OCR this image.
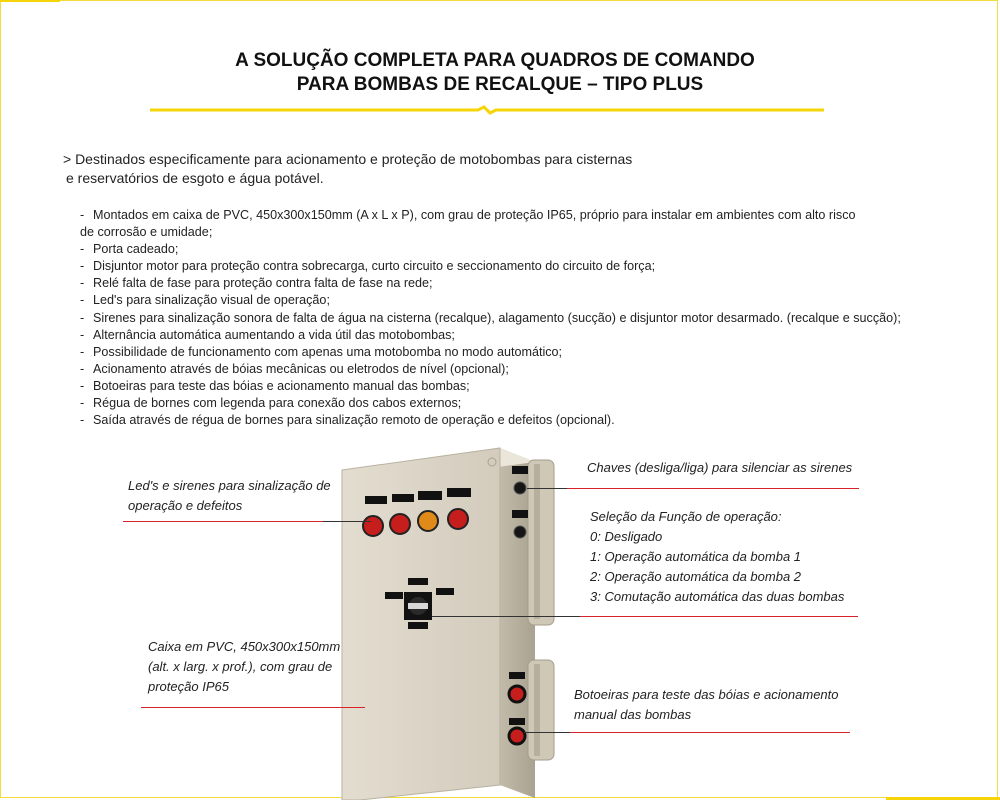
A SOLUÇÃO COMPLETA PARA QUADROS DE COMANDO
PARA BOMBAS DE RECALQUE – TIPO PLUS
> Destinados especificamente para acionamento e proteção de motobombas para cisternas
e reservatórios de esgoto e água potável.
- Montados em caixa de PVC, 450x300x150mm (A x L x P), com grau de proteção IP65, próprio para instalar em ambientes com alto risco
de corrosão e umidade;
- Porta cadeado;
- Disjuntor motor para proteção contra sobrecarga, curto circuito e seccionamento do circuito de força;
- Relé falta de fase para proteção contra falta de fase na rede;
- Led's para sinalização visual de operação;
- Sirenes para sinalização sonora de falta de água na cisterna (recalque), alagamento (sucção) e disjuntor motor desarmado. (recalque e sucção);
- Alternância automática aumentando a vida útil das motobombas;
- Possibilidade de funcionamento com apenas uma motobomba no modo automático;
- Acionamento através de bóias mecânicas ou eletrodos de nível (opcional);
- Botoeiras para teste das bóias e acionamento manual das bombas;
- Régua de bornes com legenda para conexão dos cabos externos;
- Saída através de régua de bornes para sinalização remoto de operação e defeitos (opcional).
Led's e sirenes para sinalização de
operação e defeitos
Chaves (desliga/liga) para silenciar as sirenes
Seleção da Função de operação:
0: Desligado
1: Operação automática da bomba 1
2: Operação automática da bomba 2
3: Comutação automática das duas bombas
Caixa em PVC, 450x300x150mm
(alt. x larg. x prof.), com grau de
proteção IP65
Botoeiras para teste das bóias e acionamento
manual das bombas
